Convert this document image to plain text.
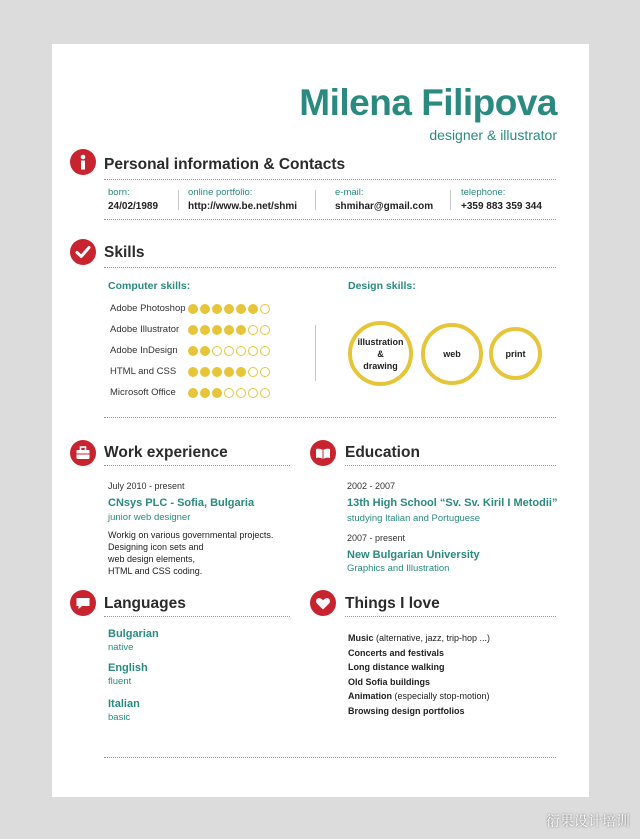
Milena Filipova
designer & illustrator
Personal information & Contacts
born:
24/02/1989
online portfolio:
http://www.be.net/shmi
e-mail:
shmihar@gmail.com
telephone:
+359 883 359 344
Skills
Computer skills:	Design skills:
illustration
&
drawing
web	print
Work experience
July 2010 - present
CNsys PLC - Sofia, Bulgaria
junior web designer
Workig on various governmental projects.
Designing icon sets and
web design elements,
HTML and CSS coding.
Education
2002 - 2007
13th High School “Sv. Sv. Kiril I Metodii”
studying Italian and Portuguese
2007 - present
New Bulgarian University
Graphics and Illustration
Languages
Bulgarian
native
English
fluent
Italian
basic
Things I love
Music (alternative, jazz, trip-hop ...)
Concerts and festivals
Long distance walking
Old Sofia buildings
Animation (especially stop-motion)
Browsing design portfolios
Adobe Photoshop
Adobe Illustrator
Adobe InDesign
HTML and CSS
Microsoft Office
衍果设计培训
